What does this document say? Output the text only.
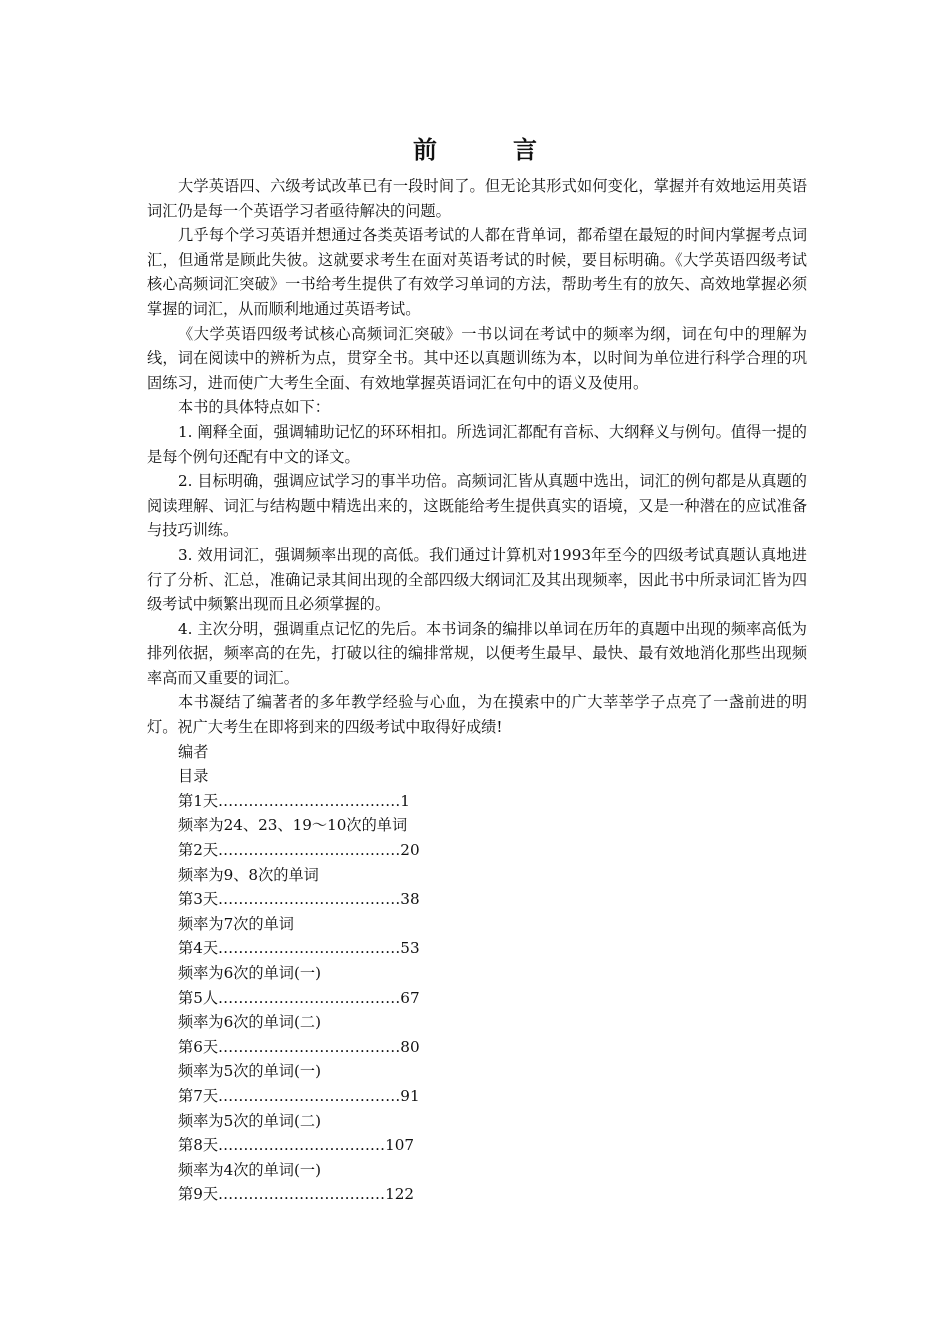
前　言

大学英语四、六级考试改革已有一段时间了。但无论其形式如何变化，掌握并有效地运用英语词汇仍是每一个英语学习者亟待解决的问题。

几乎每个学习英语并想通过各类英语考试的人都在背单词，都希望在最短的时间内掌握考点词汇，但通常是顾此失彼。这就要求考生在面对英语考试的时候，要目标明确。《大学英语四级考试核心高频词汇突破》一书给考生提供了有效学习单词的方法，帮助考生有的放矢、高效地掌握必须掌握的词汇，从而顺利地通过英语考试。

《大学英语四级考试核心高频词汇突破》一书以词在考试中的频率为纲，词在句中的理解为线，词在阅读中的辨析为点，贯穿全书。其中还以真题训练为本，以时间为单位进行科学合理的巩固练习，进而使广大考生全面、有效地掌握英语词汇在句中的语义及使用。

本书的具体特点如下：

1. 阐释全面，强调辅助记忆的环环相扣。所选词汇都配有音标、大纲释义与例句。值得一提的是每个例句还配有中文的译文。

2. 目标明确，强调应试学习的事半功倍。高频词汇皆从真题中选出，词汇的例句都是从真题的阅读理解、词汇与结构题中精选出来的，这既能给考生提供真实的语境，又是一种潜在的应试准备与技巧训练。

3. 效用词汇，强调频率出现的高低。我们通过计算机对1993年至今的四级考试真题认真地进行了分析、汇总，准确记录其间出现的全部四级大纲词汇及其出现频率，因此书中所录词汇皆为四级考试中频繁出现而且必须掌握的。

4. 主次分明，强调重点记忆的先后。本书词条的编排以单词在历年的真题中出现的频率高低为排列依据，频率高的在先，打破以往的编排常规，以便考生最早、最快、最有效地消化那些出现频率高而又重要的词汇。

本书凝结了编著者的多年教学经验与心血，为在摸索中的广大莘莘学子点亮了一盏前进的明灯。祝广大考生在即将到来的四级考试中取得好成绩!

编者
目录
第1天………………………………1
频率为24、23、19～10次的单词
第2天………………………………20
频率为9、8次的单词
第3天………………………………38
频率为7次的单词
第4天………………………………53
频率为6次的单词(一)
第5人………………………………67
频率为6次的单词(二)
第6天………………………………80
频率为5次的单词(一)
第7天………………………………91
频率为5次的单词(二)
第8天……………………………107
频率为4次的单词(一)
第9天……………………………122
